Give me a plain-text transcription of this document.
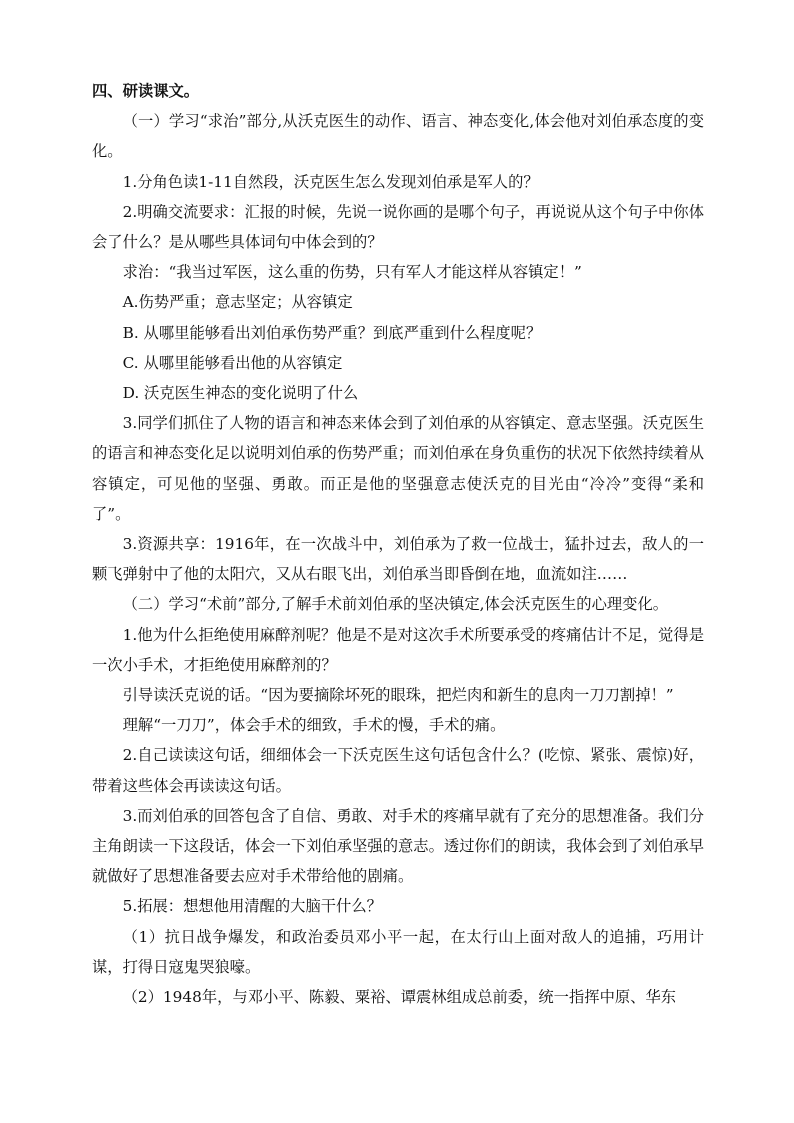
四、研读课文。

（一）学习“求治”部分,从沃克医生的动作、语言、神态变化,体会他对刘伯承态度的变化。

1.分角色读1-11自然段，沃克医生怎么发现刘伯承是军人的？

2.明确交流要求：汇报的时候，先说一说你画的是哪个句子，再说说从这个句子中你体会了什么？是从哪些具体词句中体会到的？

求治：“我当过军医，这么重的伤势，只有军人才能这样从容镇定！”

A.伤势严重；意志坚定；从容镇定

B. 从哪里能够看出刘伯承伤势严重？到底严重到什么程度呢？

C. 从哪里能够看出他的从容镇定

D. 沃克医生神态的变化说明了什么

3.同学们抓住了人物的语言和神态来体会到了刘伯承的从容镇定、意志坚强。沃克医生的语言和神态变化足以说明刘伯承的伤势严重；而刘伯承在身负重伤的状况下依然持续着从容镇定，可见他的坚强、勇敢。而正是他的坚强意志使沃克的目光由“冷冷”变得“柔和了”。

3.资源共享：1916年，在一次战斗中，刘伯承为了救一位战士，猛扑过去，敌人的一颗飞弹射中了他的太阳穴，又从右眼飞出，刘伯承当即昏倒在地，血流如注……

（二）学习“术前”部分,了解手术前刘伯承的坚决镇定,体会沃克医生的心理变化。

1.他为什么拒绝使用麻醉剂呢？他是不是对这次手术所要承受的疼痛估计不足，觉得是一次小手术，才拒绝使用麻醉剂的？

引导读沃克说的话。“因为要摘除坏死的眼珠，把烂肉和新生的息肉一刀刀割掉！”

理解“一刀刀”，体会手术的细致，手术的慢，手术的痛。

2.自己读读这句话，细细体会一下沃克医生这句话包含什么？(吃惊、紧张、震惊)好，带着这些体会再读读这句话。

3.而刘伯承的回答包含了自信、勇敢、对手术的疼痛早就有了充分的思想准备。我们分主角朗读一下这段话，体会一下刘伯承坚强的意志。透过你们的朗读，我体会到了刘伯承早就做好了思想准备要去应对手术带给他的剧痛。

5.拓展：想想他用清醒的大脑干什么？

（1）抗日战争爆发，和政治委员邓小平一起，在太行山上面对敌人的追捕，巧用计谋，打得日寇鬼哭狼嚎。

（2）1948年，与邓小平、陈毅、粟裕、谭震林组成总前委，统一指挥中原、华东
